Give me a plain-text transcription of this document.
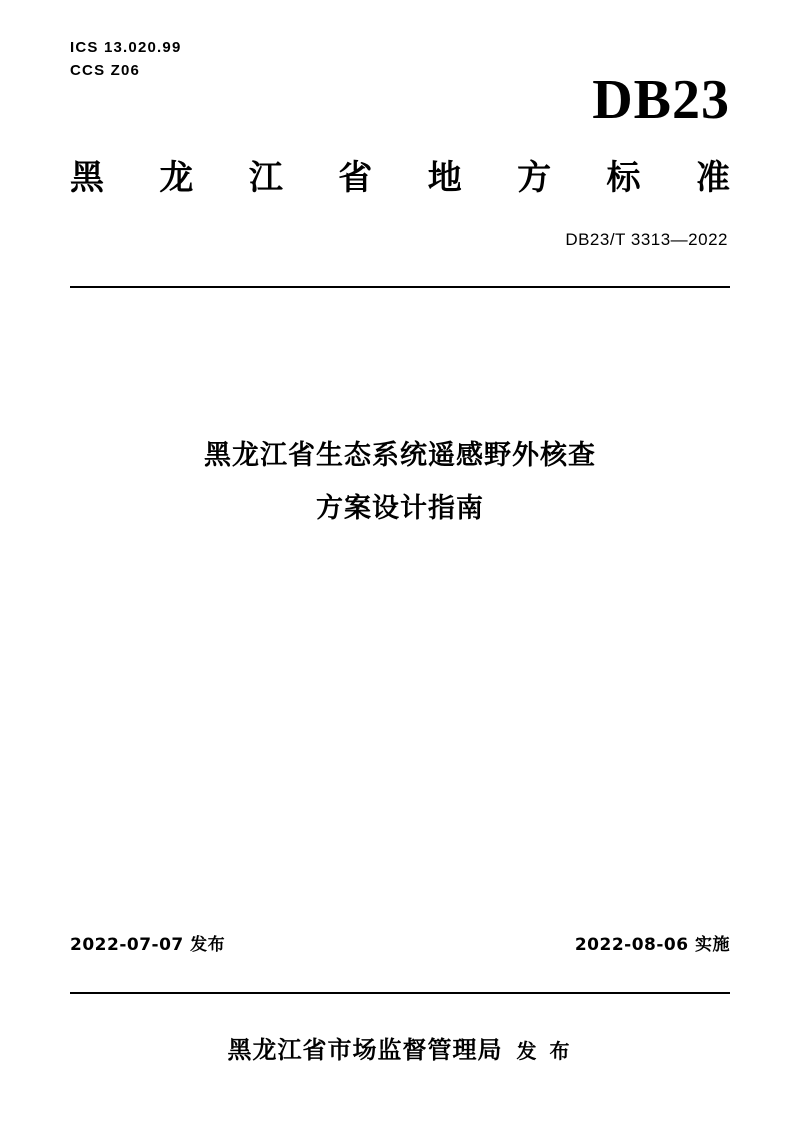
ICS 13.020.99
CCS Z06	DB23
黑 龙 江 省 地 方 标 准
DB23/T 3313—2022
黑龙江省生态系统遥感野外核查
方案设计指南
2022-07-07 发布	2022-08-06 实施
黑龙江省市场监督管理局 发 布
